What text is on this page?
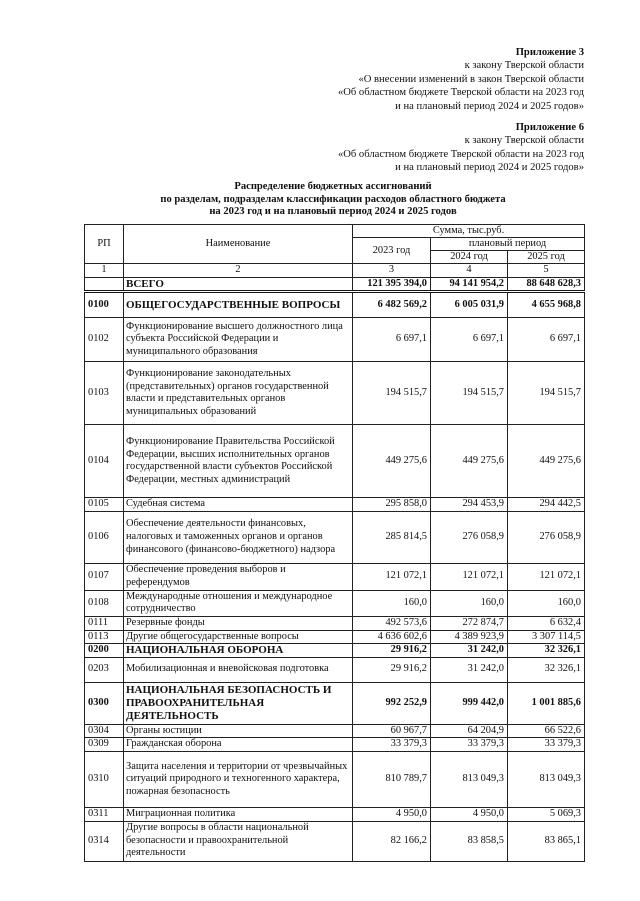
Приложение 3
к закону Тверской области
«О внесении изменений в закон Тверской области
«Об областном бюджете Тверской области на 2023 год
и на плановый период 2024 и 2025 годов»
Приложение 6
к закону Тверской области
«Об областном бюджете Тверской области на 2023 год
и на плановый период 2024 и 2025 годов»
Распределение бюджетных ассигнований
по разделам, подразделам классификации расходов областного бюджета
на 2023 год и на плановый период 2024 и 2025 годов
РП	Наименование	Сумма, тыс.руб.		
		2023 год	плановый период	
			2024 год	2025 год
1	2	3	4	5
	ВСЕГО	121 395 394,0	94 141 954,2	88 648 628,3
0100	ОБЩЕГОСУДАРСТВЕННЫЕ ВОПРОСЫ	6 482 569,2	6 005 031,9	4 655 968,8
0102	Функционирование высшего должностного лица субъекта Российской Федерации и муниципального образования	6 697,1	6 697,1	6 697,1
0103	Функционирование законодательных (представительных) органов государственной власти и представительных органов муниципальных образований	194 515,7	194 515,7	194 515,7
0104	Функционирование Правительства Российской Федерации, высших исполнительных органов государственной власти субъектов Российской Федерации, местных администраций	449 275,6	449 275,6	449 275,6
0105	Судебная система	295 858,0	294 453,9	294 442,5
0106	Обеспечение деятельности финансовых, налоговых и таможенных органов и органов финансового (финансово-бюджетного) надзора	285 814,5	276 058,9	276 058,9
0107	Обеспечение проведения выборов и референдумов	121 072,1	121 072,1	121 072,1
0108	Международные отношения и международное сотрудничество	160,0	160,0	160,0
0111	Резервные фонды	492 573,6	272 874,7	6 632,4
0113	Другие общегосударственные вопросы	4 636 602,6	4 389 923,9	3 307 114,5
0200	НАЦИОНАЛЬНАЯ ОБОРОНА	29 916,2	31 242,0	32 326,1
0203	Мобилизационная и вневойсковая подготовка	29 916,2	31 242,0	32 326,1
0300	НАЦИОНАЛЬНАЯ БЕЗОПАСНОСТЬ И ПРАВООХРАНИТЕЛЬНАЯ ДЕЯТЕЛЬНОСТЬ	992 252,9	999 442,0	1 001 885,6
0304	Органы юстиции	60 967,7	64 204,9	66 522,6
0309	Гражданская оборона	33 379,3	33 379,3	33 379,3
0310	Защита населения и территории от чрезвычайных ситуаций природного и техногенного характера, пожарная безопасность	810 789,7	813 049,3	813 049,3
0311	Миграционная политика	4 950,0	4 950,0	5 069,3
0314	Другие вопросы в области национальной безопасности и правоохранительной деятельности	82 166,2	83 858,5	83 865,1
